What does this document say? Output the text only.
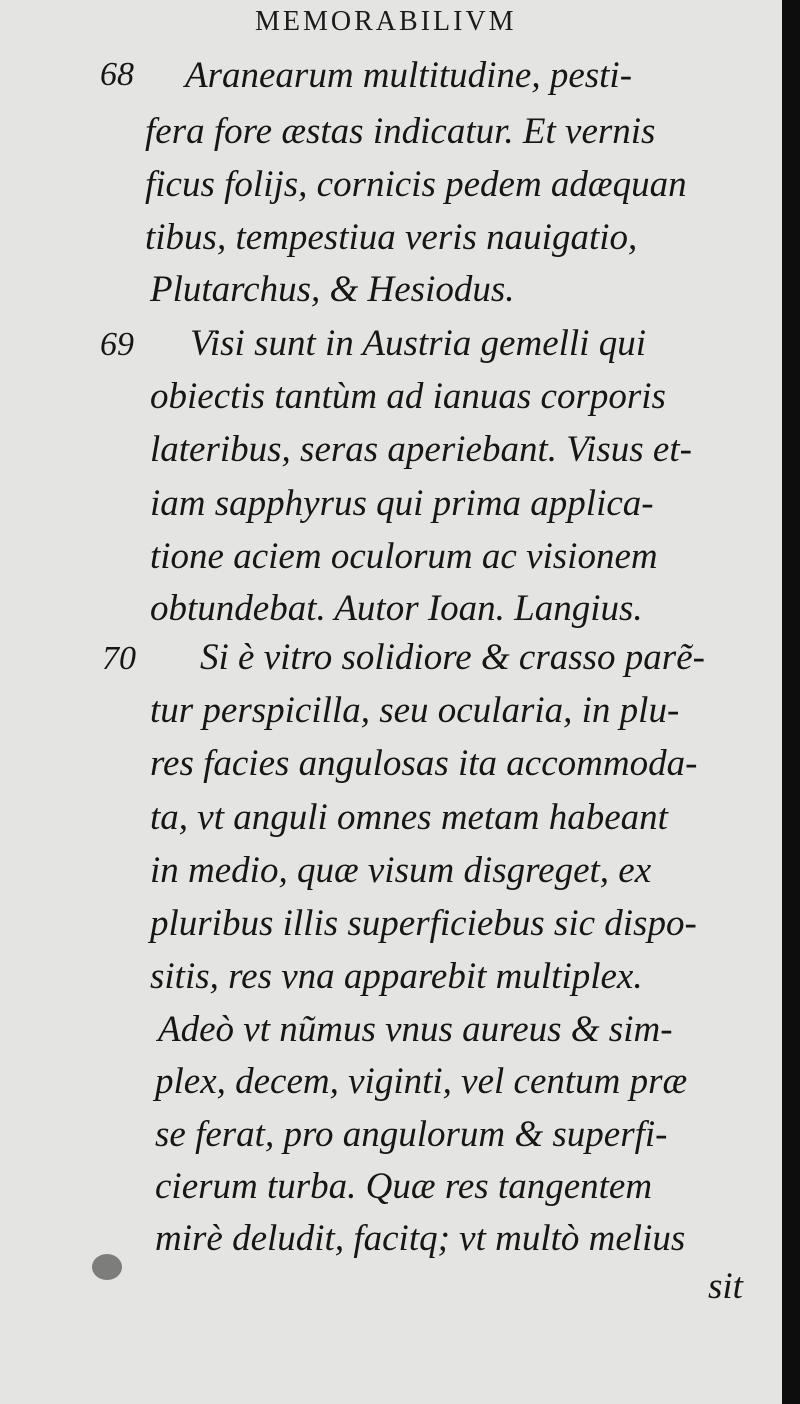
MEMORABILIVM
68 Aranearum multitudine, pesti-
fera fore æstas indicatur. Et vernis
ficus folijs, cornicis pedem adæquan
tibus, tempestiua veris nauigatio,
Plutarchus, & Hesiodus.
69 Visi sunt in Austria gemelli qui
obiectis tantùm ad ianuas corporis
lateribus, seras aperiebant. Visus et-
iam sapphyrus qui prima applica-
tione aciem oculorum ac visionem
obtundebat. Autor Ioan. Langius.
70 Si è vitro solidiore & crasso parẽ-
tur perspicilla, seu ocularia, in plu-
res facies angulosas ita accommoda-
ta, vt anguli omnes metam habeant
in medio, quæ visum disgreget, ex
pluribus illis superficiebus sic dispo-
sitis, res vna apparebit multiplex.
Adeò vt nũmus vnus aureus & sim-
plex, decem, viginti, vel centum præ
se ferat, pro angulorum & superfi-
cierum turba. Quæ res tangentem
mirè deludit, facitq; vt multò melius
sit
